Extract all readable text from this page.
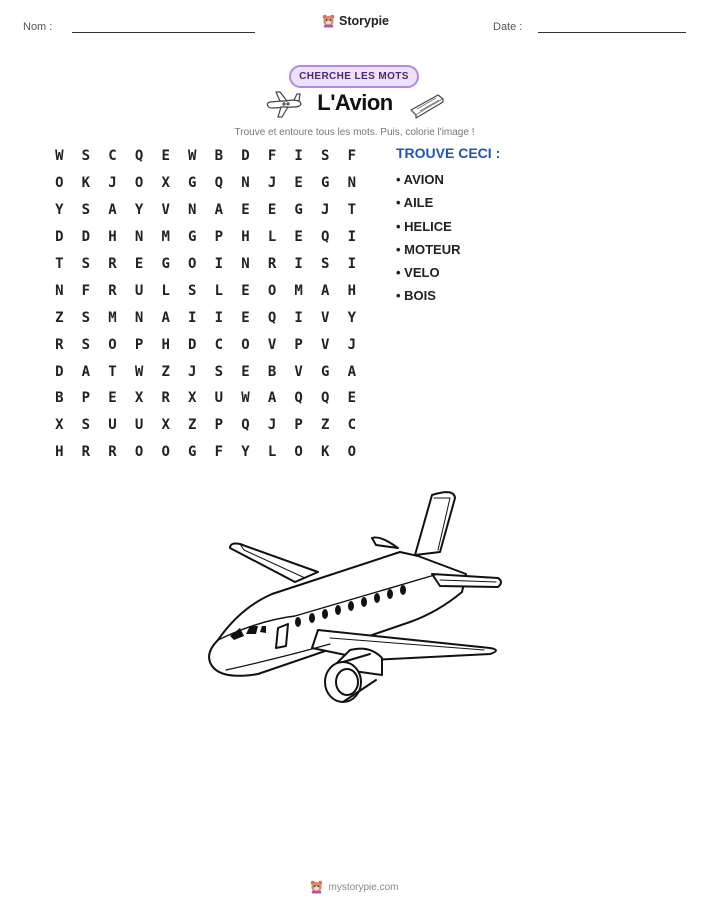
Nom :	Storypie	Date :
CHERCHE LES MOTS
L'Avion
Trouve et entoure tous les mots. Puis, colorie l'image !
W	S	C	Q	E	W	B	D	F	I	S	F
O	K	J	O	X	G	Q	N	J	E	G	N
Y	S	A	Y	V	N	A	E	E	G	J	T
D	D	H	N	M	G	P	H	L	E	Q	I
T	S	R	E	G	O	I	N	R	I	S	I
N	F	R	U	L	S	L	E	O	M	A	H
Z	S	M	N	A	I	I	E	Q	I	V	Y
R	S	O	P	H	D	C	O	V	P	V	J
D	A	T	W	Z	J	S	E	B	V	G	A
B	P	E	X	R	X	U	W	A	Q	Q	E
X	S	U	U	X	Z	P	Q	J	P	Z	C
H	R	R	O	O	G	F	Y	L	O	K	O
TROUVE CECI :
• AVION
• AILE
• HELICE
• MOTEUR
• VELO
• BOIS
mystorypie.com
